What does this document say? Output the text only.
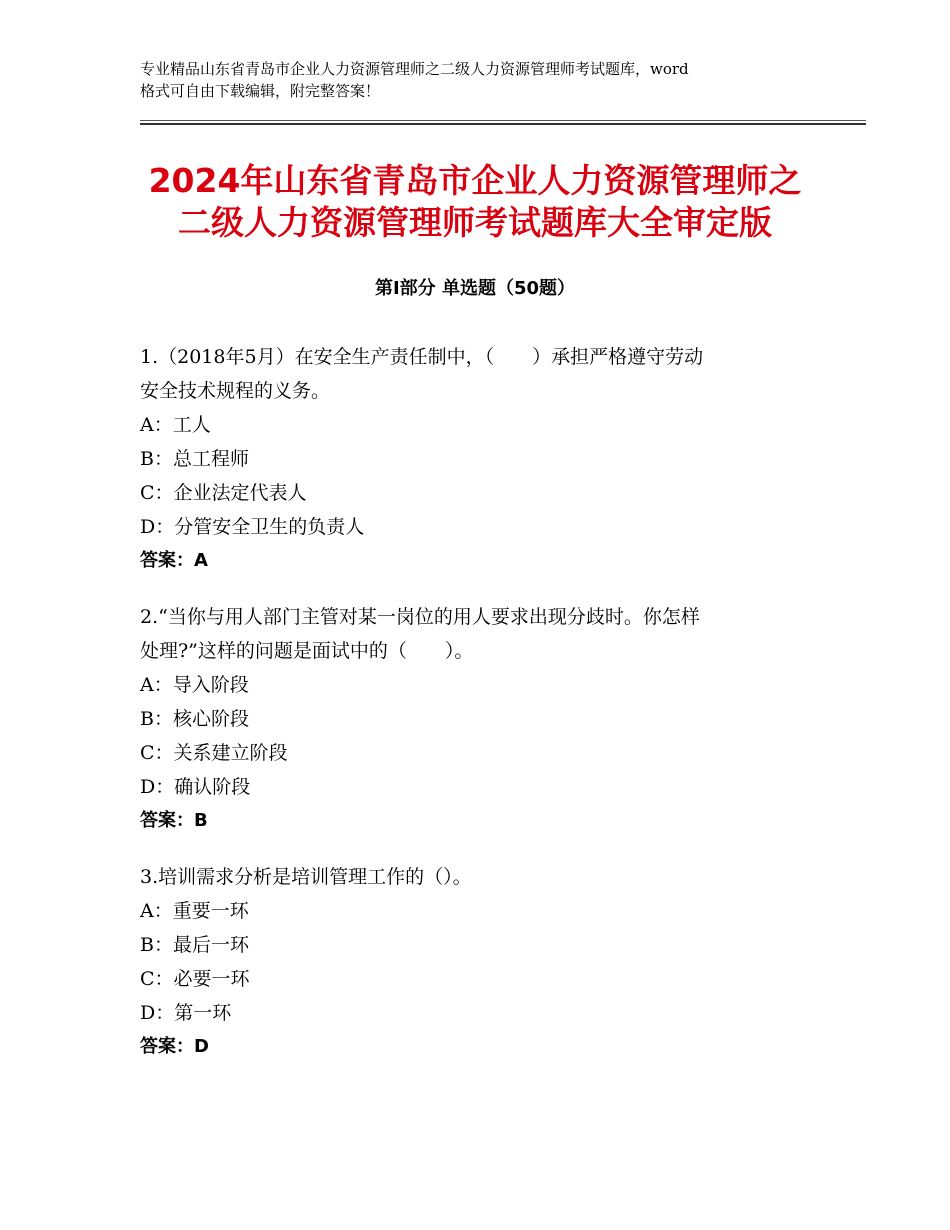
专业精品山东省青岛市企业人力资源管理师之二级人力资源管理师考试题库，word
格式可自由下载编辑，附完整答案！
2024年山东省青岛市企业人力资源管理师之
二级人力资源管理师考试题库大全审定版
第Ⅰ部分 单选题（50题）
1.（2018年5月）在安全生产责任制中，（　　）承担严格遵守劳动
安全技术规程的义务。
A：工人
B：总工程师
C：企业法定代表人
D：分管安全卫生的负责人
答案：A
2.“当你与用人部门主管对某一岗位的用人要求出现分歧时。你怎样
处理?”这样的问题是面试中的（　　）。
A：导入阶段
B：核心阶段
C：关系建立阶段
D：确认阶段
答案：B
3.培训需求分析是培训管理工作的（）。
A：重要一环
B：最后一环
C：必要一环
D：第一环
答案：D
